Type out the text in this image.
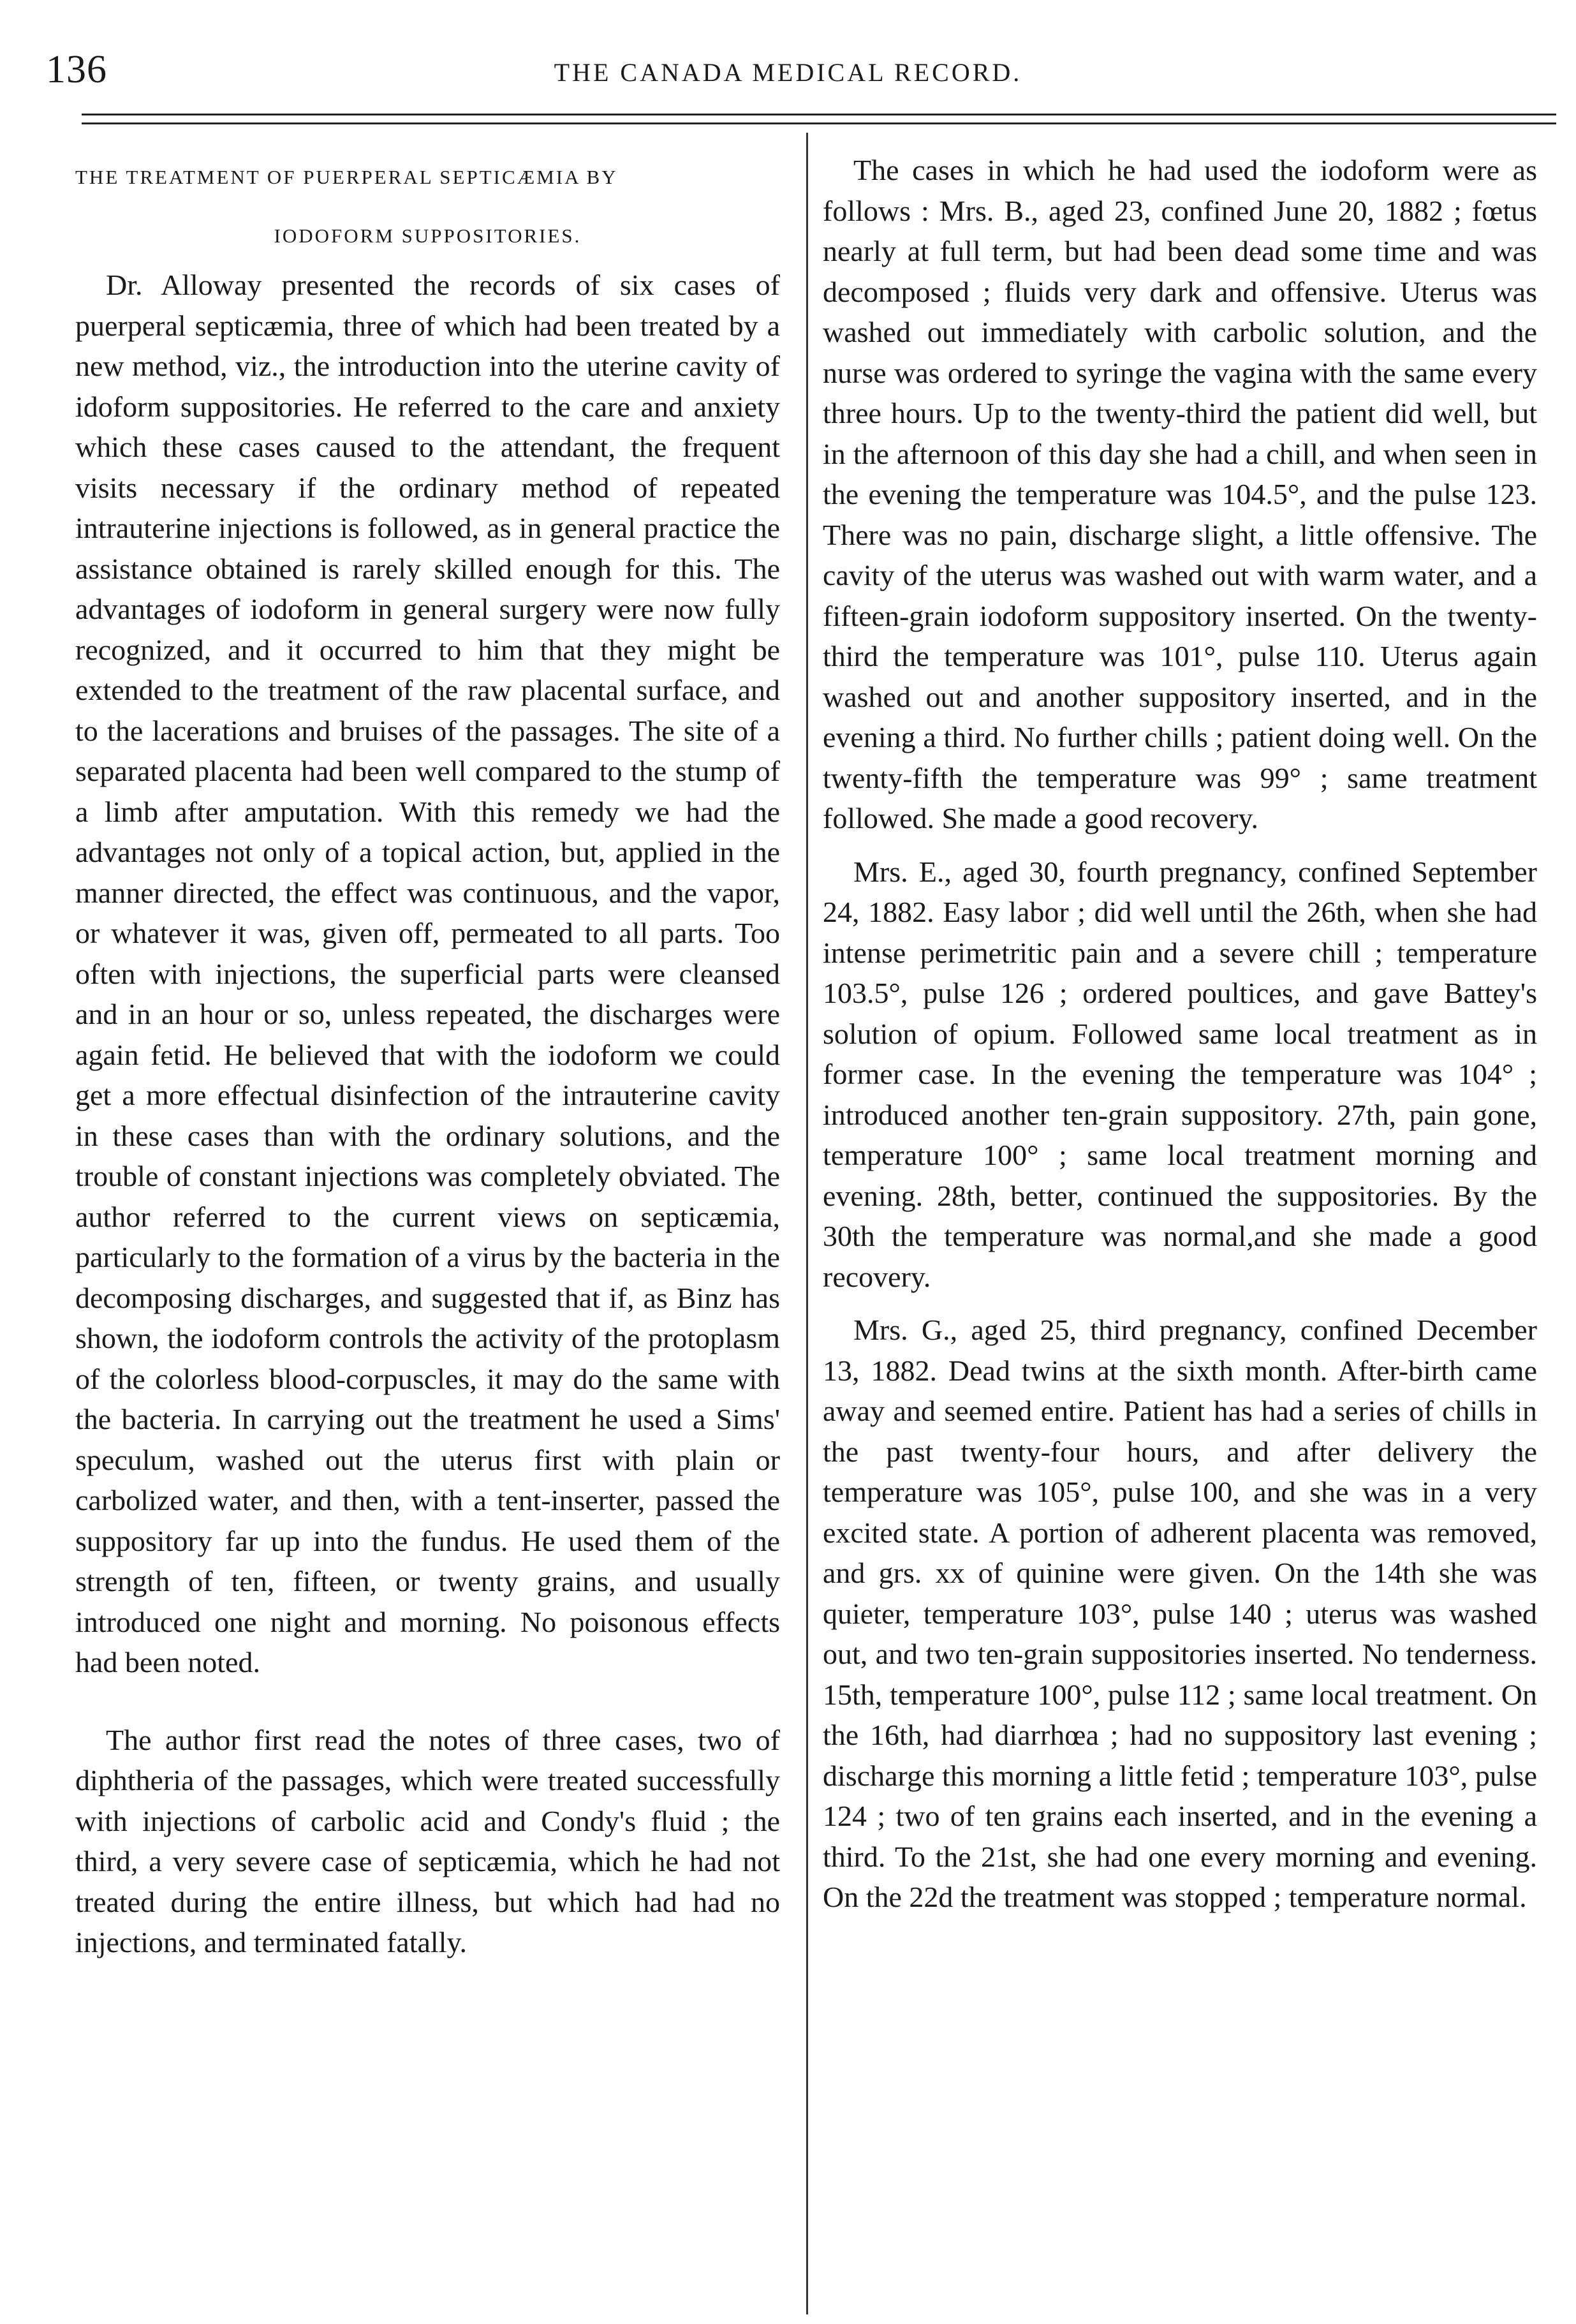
136	THE CANADA MEDICAL RECORD.
THE TREATMENT OF PUERPERAL SEPTICÆMIA BY
IODOFORM SUPPOSITORIES.

Dr. Alloway presented the records of six cases of puerperal septicæmia, three of which had been treated by a new method, viz., the introduction into the uterine cavity of idoform suppositories. He referred to the care and anxiety which these cases caused to the attendant, the frequent visits necessary if the ordinary method of repeated intrauterine injections is followed, as in general practice the assistance obtained is rarely skilled enough for this. The advantages of iodoform in general surgery were now fully recognized, and it occurred to him that they might be extended to the treatment of the raw placental surface, and to the lacerations and bruises of the passages. The site of a separated placenta had been well compared to the stump of a limb after amputation. With this remedy we had the advantages not only of a topical action, but, applied in the manner directed, the effect was continuous, and the vapor, or whatever it was, given off, permeated to all parts. Too often with injections, the superficial parts were cleansed and in an hour or so, unless repeated, the discharges were again fetid. He believed that with the iodoform we could get a more effectual disinfection of the intrauterine cavity in these cases than with the ordinary solutions, and the trouble of constant injections was completely obviated. The author referred to the current views on septicæmia, particularly to the formation of a virus by the bacteria in the decomposing discharges, and suggested that if, as Binz has shown, the iodoform controls the activity of the protoplasm of the colorless blood-corpuscles, it may do the same with the bacteria. In carrying out the treatment he used a Sims' speculum, washed out the uterus first with plain or carbolized water, and then, with a tent-inserter, passed the suppository far up into the fundus. He used them of the strength of ten, fifteen, or twenty grains, and usually introduced one night and morning. No poisonous effects had been noted.

The author first read the notes of three cases, two of diphtheria of the passages, which were treated successfully with injections of carbolic acid and Condy's fluid ; the third, a very severe case of septicæmia, which he had not treated during the entire illness, but which had had no injections, and terminated fatally.

The cases in which he had used the iodoform were as follows : Mrs. B., aged 23, confined June 20, 1882 ; fœtus nearly at full term, but had been dead some time and was decomposed ; fluids very dark and offensive. Uterus was washed out immediately with carbolic solution, and the nurse was ordered to syringe the vagina with the same every three hours. Up to the twenty-third the patient did well, but in the afternoon of this day she had a chill, and when seen in the evening the temperature was 104.5°, and the pulse 123. There was no pain, discharge slight, a little offensive. The cavity of the uterus was washed out with warm water, and a fifteen-grain iodoform suppository inserted. On the twenty-third the temperature was 101°, pulse 110. Uterus again washed out and another suppository inserted, and in the evening a third. No further chills ; patient doing well. On the twenty-fifth the temperature was 99° ; same treatment followed. She made a good recovery.

Mrs. E., aged 30, fourth pregnancy, confined September 24, 1882. Easy labor ; did well until the 26th, when she had intense perimetritic pain and a severe chill ; temperature 103.5°, pulse 126 ; ordered poultices, and gave Battey's solution of opium. Followed same local treatment as in former case. In the evening the temperature was 104° ; introduced another ten-grain suppository. 27th, pain gone, temperature 100° ; same local treatment morning and evening. 28th, better, continued the suppositories. By the 30th the temperature was normal,and she made a good recovery.

Mrs. G., aged 25, third pregnancy, confined December 13, 1882. Dead twins at the sixth month. After-birth came away and seemed entire. Patient has had a series of chills in the past twenty-four hours, and after delivery the temperature was 105°, pulse 100, and she was in a very excited state. A portion of adherent placenta was removed, and grs. xx of quinine were given. On the 14th she was quieter, temperature 103°, pulse 140 ; uterus was washed out, and two ten-grain suppositories inserted. No tenderness. 15th, temperature 100°, pulse 112 ; same local treatment. On the 16th, had diarrhœa ; had no suppository last evening ; discharge this morning a little fetid ; temperature 103°, pulse 124 ; two of ten grains each inserted, and in the evening a third. To the 21st, she had one every morning and evening. On the 22d the treatment was stopped ; temperature normal.
